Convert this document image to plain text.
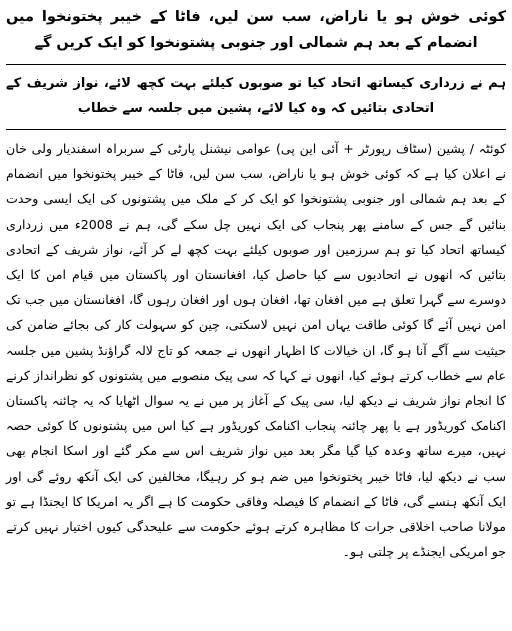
کوئی خوش ہو یا ناراض، سب سن لیں، فاٹا کے خیبر پختونخوا میں انضمام کے بعد ہم شمالی اور جنوبی پشتونخوا کو ایک کریں گے

ہم نے زرداری کیساتھ اتحاد کیا تو صوبوں کیلئے بہت کچھ لائے، نواز شریف کے اتحادی بتائیں کہ وہ کیا لائے، پشین میں جلسہ سے خطاب

کوئٹہ / پشین (سٹاف رپورٹر + آئی این پی) عوامی نیشنل پارٹی کے سربراہ اسفندیار ولی خان نے اعلان کیا ہے کہ کوئی خوش ہو یا ناراض، سب سن لیں، فاٹا کے خیبر پختونخوا میں انضمام کے بعد ہم شمالی اور جنوبی پشتونخوا کو ایک کر کے ملک میں پشتونوں کی ایک ایسی وحدت بنائیں گے جس کے سامنے پھر پنجاب کی ایک نہیں چل سکے گی، ہم نے 2008ء میں زرداری کیساتھ اتحاد کیا تو ہم سرزمین اور صوبوں کیلئے بہت کچھ لے کر آئے، نواز شریف کے اتحادی بتائیں کہ انھوں نے اتحادیوں سے کیا حاصل کیا، افغانستان اور پاکستان میں قیام امن کا ایک دوسرے سے گہرا تعلق ہے میں افغان تھا، افغان ہوں اور افغان رہوں گا، افغانستان میں جب تک امن نہیں آئے گا کوئی طاقت یہاں امن نہیں لاسکتی، چین کو سہولت کار کی بجائے ضامن کی حیثیت سے آگے آنا ہو گا، ان خیالات کا اظہار انھوں نے جمعہ کو تاج لالہ گراؤنڈ پشین میں جلسہ عام سے خطاب کرتے ہوئے کیا، انھوں نے کہا کہ سی پیک منصوبے میں پشتونوں کو نظرانداز کرنے کا انجام نواز شریف نے دیکھ لیا، سی پیک کے آغاز پر میں نے یہ سوال اٹھایا کہ یہ چائنہ پاکستان اکنامک کوریڈور ہے یا پھر چائنہ پنجاب اکنامک کوریڈور ہے کیا اس میں پشتونوں کا کوئی حصہ نہیں، میرے ساتھ وعدہ کیا گیا مگر بعد میں نواز شریف اس سے مکر گئے اور اسکا انجام بھی سب نے دیکھ لیا، فاٹا خیبر پختونخوا میں ضم ہو کر رہیگا، مخالفین کی ایک آنکھ روئے گی اور ایک آنکھ ہنسے گی، فاٹا کے انضمام کا فیصلہ وفاقی حکومت کا ہے اگر یہ امریکا کا ایجنڈا ہے تو مولانا صاحب اخلاقی جرات کا مظاہرہ کرتے ہوئے حکومت سے علیحدگی کیوں اختیار نہیں کرتے جو امریکی ایجنڈے پر چلتی ہو۔
